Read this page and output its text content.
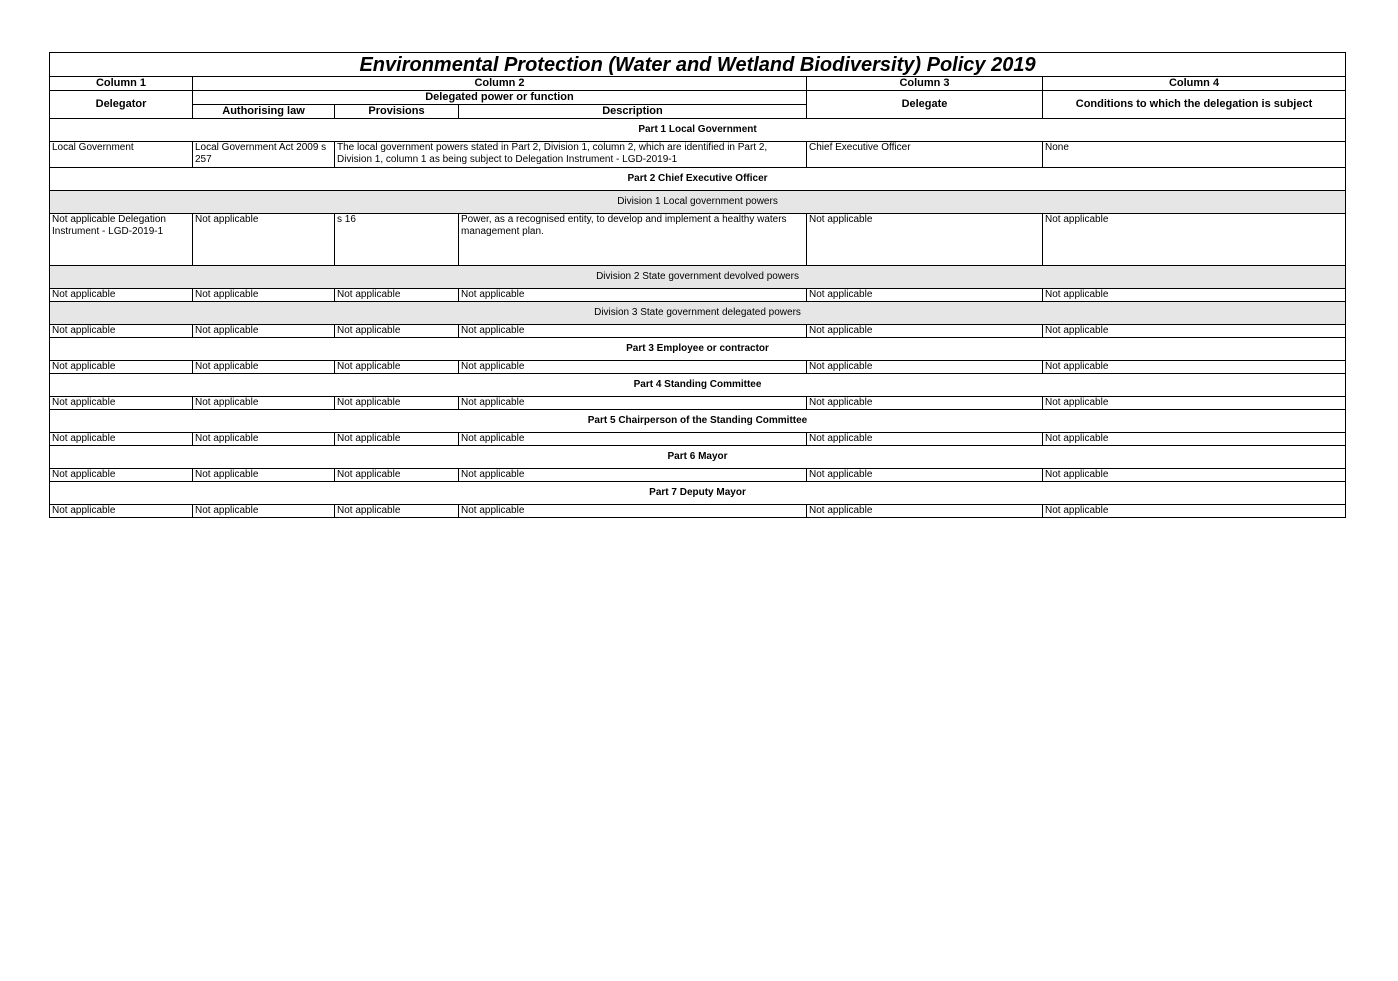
Environmental Protection (Water and Wetland Biodiversity) Policy 2019					
Column 1	Column 2			Column 3	Column 4
Delegator	Delegated power or function			Delegate	Conditions to which the delegation is subject
	Authorising law	Provisions	Description		
Part 1 Local Government					
Local Government	Local Government Act 2009 s 257	The local government powers stated in Part 2, Division 1, column 2, which are identified in Part 2, Division 1, column 1 as being subject to Delegation Instrument - LGD-2019-1		Chief Executive Officer	None
Part 2 Chief Executive Officer					
Division 1 Local government powers					
Not applicable Delegation Instrument - LGD-2019-1	Not applicable	s 16	Power, as a recognised entity, to develop and implement a healthy waters management plan.	Not applicable	Not applicable
Division 2 State government devolved powers					
Not applicable	Not applicable	Not applicable	Not applicable	Not applicable	Not applicable
Division 3 State government delegated powers					
Not applicable	Not applicable	Not applicable	Not applicable	Not applicable	Not applicable
Part 3 Employee or contractor					
Not applicable	Not applicable	Not applicable	Not applicable	Not applicable	Not applicable
Part 4 Standing Committee					
Not applicable	Not applicable	Not applicable	Not applicable	Not applicable	Not applicable
Part 5 Chairperson of the Standing Committee					
Not applicable	Not applicable	Not applicable	Not applicable	Not applicable	Not applicable
Part 6 Mayor					
Not applicable	Not applicable	Not applicable	Not applicable	Not applicable	Not applicable
Part 7 Deputy Mayor					
Not applicable	Not applicable	Not applicable	Not applicable	Not applicable	Not applicable
